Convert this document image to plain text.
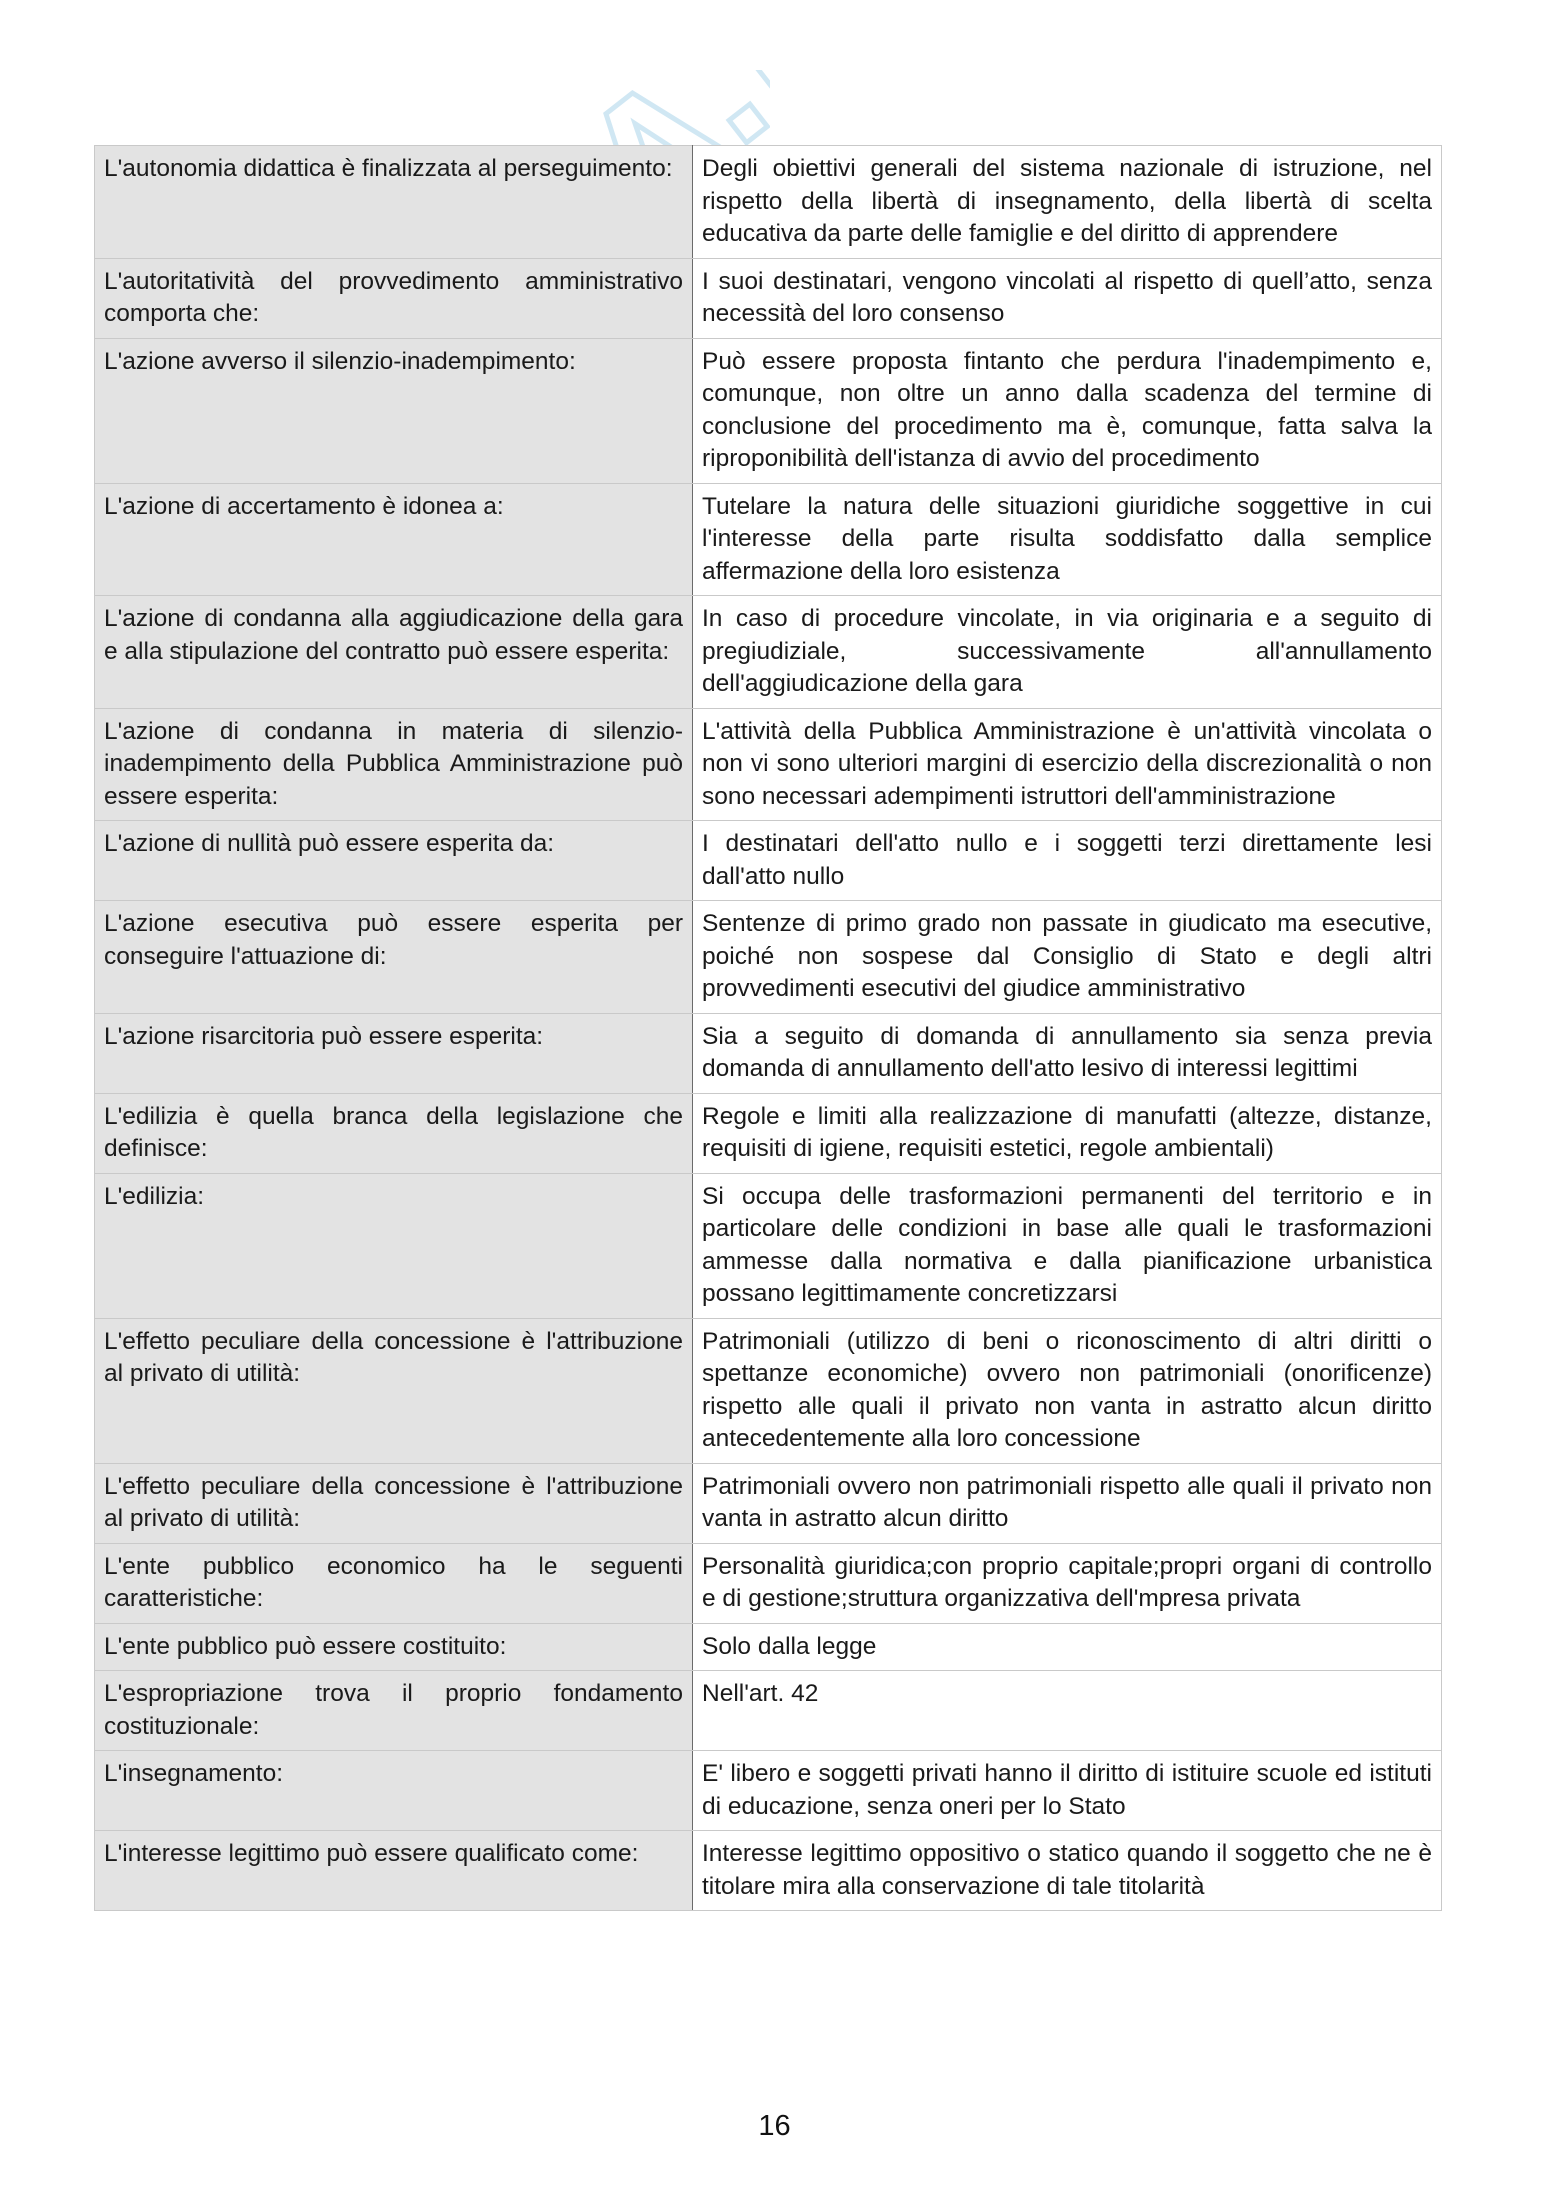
L'autonomia didattica è finalizzata al perseguimento:	Degli obiettivi generali del sistema nazionale di istruzione, nel rispetto della libertà di insegnamento, della libertà di scelta educativa da parte delle famiglie e del diritto di apprendere
L'autoritatività del provvedimento amministrativo comporta che:	I suoi destinatari, vengono vincolati al rispetto di quell’atto, senza necessità del loro consenso
L'azione avverso il silenzio-inadempimento:	Può essere proposta fintanto che perdura l'inadempimento e, comunque, non oltre un anno dalla scadenza del termine di conclusione del procedimento ma è, comunque, fatta salva la riproponibilità dell'istanza di avvio del procedimento
L'azione di accertamento è idonea a:	Tutelare la natura delle situazioni giuridiche soggettive in cui l'interesse della parte risulta soddisfatto dalla semplice affermazione della loro esistenza
L'azione di condanna alla aggiudicazione della gara e alla stipulazione del contratto può essere esperita:	In caso di procedure vincolate, in via originaria e a seguito di pregiudiziale, successivamente all'annullamento dell'aggiudicazione della gara
L'azione di condanna in materia di silenzio-inadempimento della Pubblica Amministrazione può essere esperita:	L'attività della Pubblica Amministrazione è un'attività vincolata o non vi sono ulteriori margini di esercizio della discrezionalità o non sono necessari adempimenti istruttori dell'amministrazione
L'azione di nullità può essere esperita da:	I destinatari dell'atto nullo e i soggetti terzi direttamente lesi dall'atto nullo
L'azione esecutiva può essere esperita per conseguire l'attuazione di:	Sentenze di primo grado non passate in giudicato ma esecutive, poiché non sospese dal Consiglio di Stato e degli altri provvedimenti esecutivi del giudice amministrativo
L'azione risarcitoria può essere esperita:	Sia a seguito di domanda di annullamento sia senza previa domanda di annullamento dell'atto lesivo di interessi legittimi
L'edilizia è quella branca della legislazione che definisce:	Regole e limiti alla realizzazione di manufatti (altezze, distanze, requisiti di igiene, requisiti estetici, regole ambientali)
L'edilizia:	Si occupa delle trasformazioni permanenti del territorio e in particolare delle condizioni in base alle quali le trasformazioni ammesse dalla normativa e dalla pianificazione urbanistica possano legittimamente concretizzarsi
L'effetto peculiare della concessione è l'attribuzione al privato di utilità:	Patrimoniali (utilizzo di beni o riconoscimento di altri diritti o spettanze economiche) ovvero non patrimoniali (onorificenze) rispetto alle quali il privato non vanta in astratto alcun diritto antecedentemente alla loro concessione
L'effetto peculiare della concessione è l'attribuzione al privato di utilità:	Patrimoniali ovvero non patrimoniali rispetto alle quali il privato non vanta in astratto alcun diritto
L'ente pubblico economico ha le seguenti caratteristiche:	Personalità giuridica;con proprio capitale;propri organi di controllo e di gestione;struttura organizzativa dell'mpresa privata
L'ente pubblico può essere costituito:	Solo dalla legge
L'espropriazione trova il proprio fondamento costituzionale:	Nell'art. 42
L'insegnamento:	E' libero e soggetti privati hanno il diritto di istituire scuole ed istituti di educazione, senza oneri per lo Stato
L'interesse legittimo può essere qualificato come:	Interesse legittimo oppositivo o statico quando il soggetto che ne è titolare mira alla conservazione di tale titolarità
16
